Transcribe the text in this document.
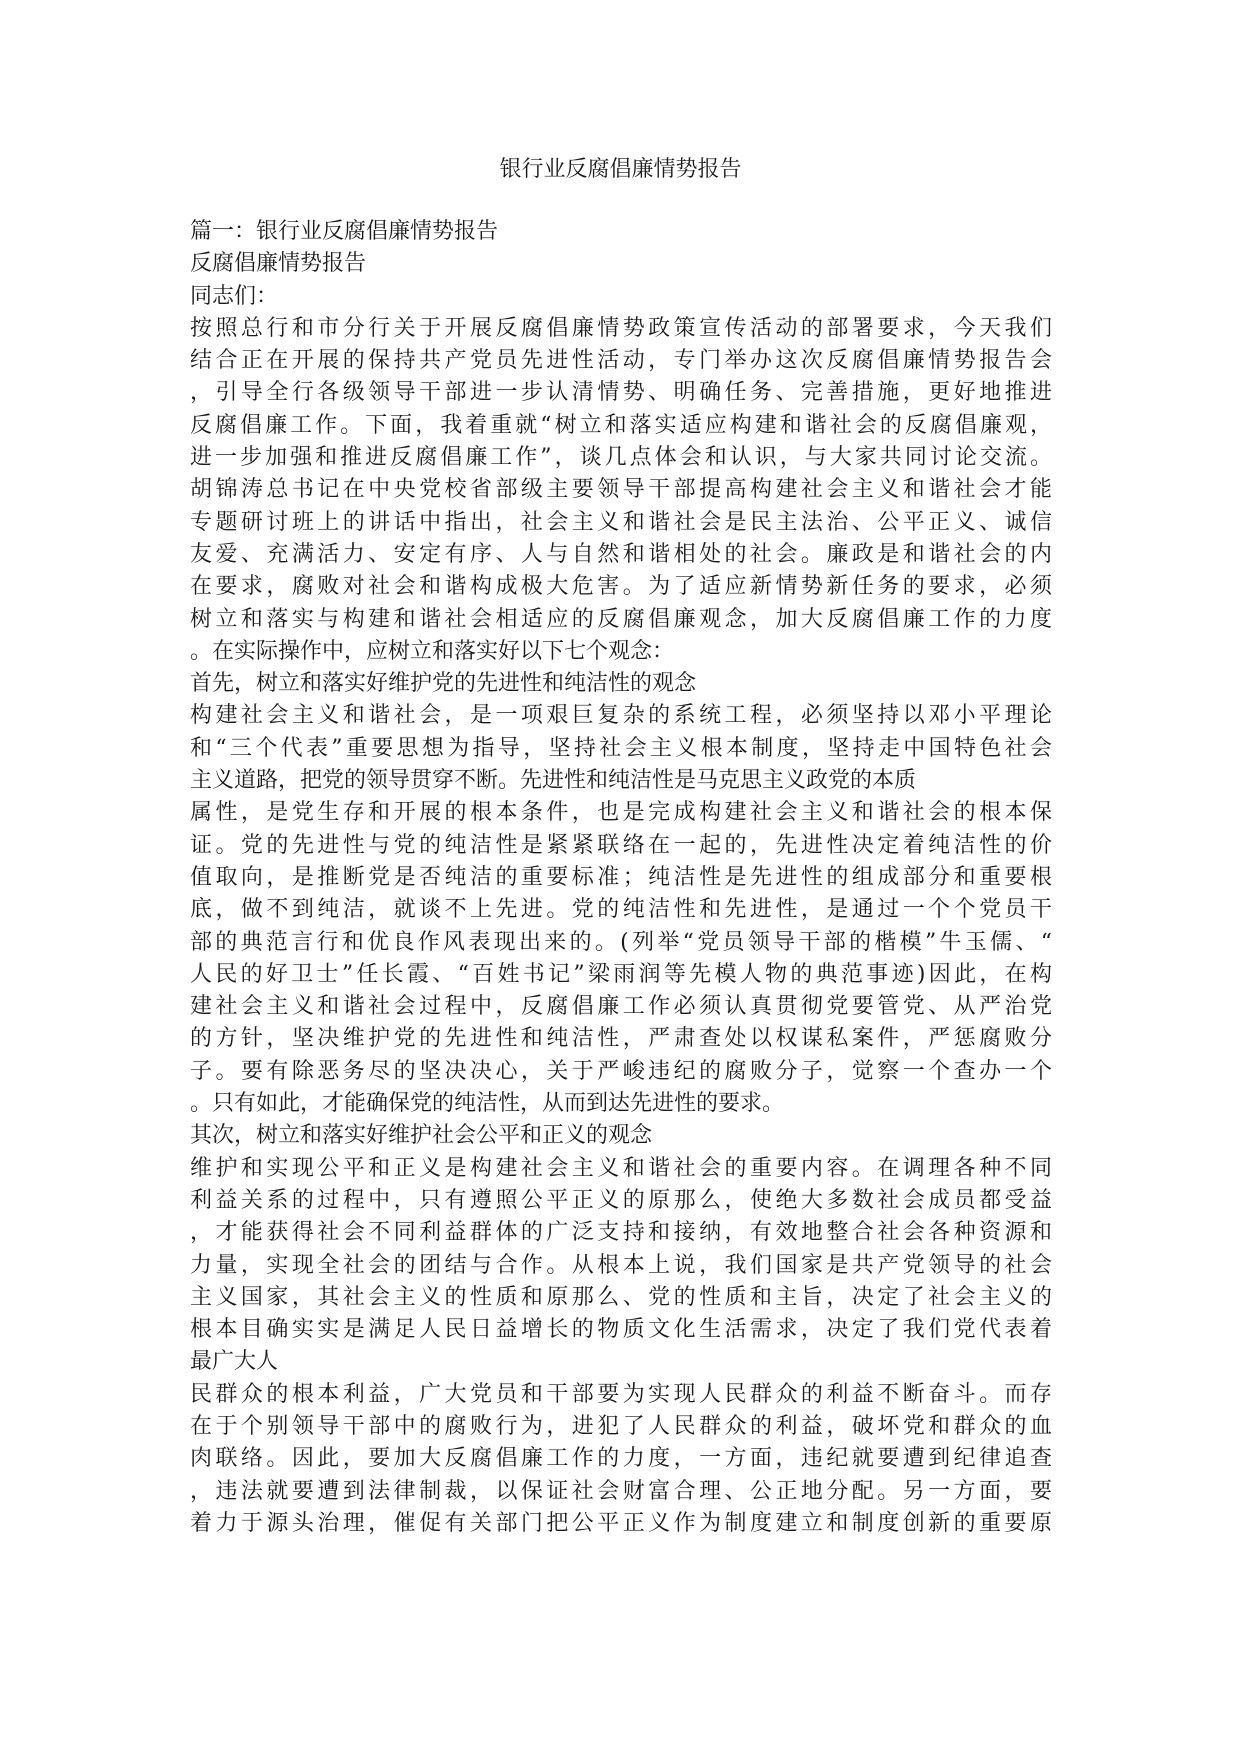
银行业反腐倡廉情势报告
篇一：银行业反腐倡廉情势报告
反腐倡廉情势报告
同志们：
按照总行和市分行关于开展反腐倡廉情势政策宣传活动的部署要求，今天我们
结合正在开展的保持共产党员先进性活动，专门举办这次反腐倡廉情势报告会
，引导全行各级领导干部进一步认清情势、明确任务、完善措施，更好地推进
反腐倡廉工作。下面，我着重就“树立和落实适应构建和谐社会的反腐倡廉观，
进一步加强和推进反腐倡廉工作”，谈几点体会和认识，与大家共同讨论交流。
胡锦涛总书记在中央党校省部级主要领导干部提高构建社会主义和谐社会才能
专题研讨班上的讲话中指出，社会主义和谐社会是民主法治、公平正义、诚信
友爱、充满活力、安定有序、人与自然和谐相处的社会。廉政是和谐社会的内
在要求，腐败对社会和谐构成极大危害。为了适应新情势新任务的要求，必须
树立和落实与构建和谐社会相适应的反腐倡廉观念，加大反腐倡廉工作的力度
。在实际操作中，应树立和落实好以下七个观念：
首先，树立和落实好维护党的先进性和纯洁性的观念
构建社会主义和谐社会，是一项艰巨复杂的系统工程，必须坚持以邓小平理论
和“三个代表”重要思想为指导，坚持社会主义根本制度，坚持走中国特色社会
主义道路，把党的领导贯穿不断。先进性和纯洁性是马克思主义政党的本质
属性，是党生存和开展的根本条件，也是完成构建社会主义和谐社会的根本保
证。党的先进性与党的纯洁性是紧紧联络在一起的，先进性决定着纯洁性的价
值取向，是推断党是否纯洁的重要标准；纯洁性是先进性的组成部分和重要根
底，做不到纯洁，就谈不上先进。党的纯洁性和先进性，是通过一个个党员干
部的典范言行和优良作风表现出来的。(列举“党员领导干部的楷模”牛玉儒、“
人民的好卫士”任长霞、“百姓书记”梁雨润等先模人物的典范事迹)因此，在构
建社会主义和谐社会过程中，反腐倡廉工作必须认真贯彻党要管党、从严治党
的方针，坚决维护党的先进性和纯洁性，严肃查处以权谋私案件，严惩腐败分
子。要有除恶务尽的坚决决心，关于严峻违纪的腐败分子，觉察一个查办一个
。只有如此，才能确保党的纯洁性，从而到达先进性的要求。
其次，树立和落实好维护社会公平和正义的观念
维护和实现公平和正义是构建社会主义和谐社会的重要内容。在调理各种不同
利益关系的过程中，只有遵照公平正义的原那么，使绝大多数社会成员都受益
，才能获得社会不同利益群体的广泛支持和接纳，有效地整合社会各种资源和
力量，实现全社会的团结与合作。从根本上说，我们国家是共产党领导的社会
主义国家，其社会主义的性质和原那么、党的性质和主旨，决定了社会主义的
根本目确实实是满足人民日益增长的物质文化生活需求，决定了我们党代表着
最广大人
民群众的根本利益，广大党员和干部要为实现人民群众的利益不断奋斗。而存
在于个别领导干部中的腐败行为，进犯了人民群众的利益，破坏党和群众的血
肉联络。因此，要加大反腐倡廉工作的力度，一方面，违纪就要遭到纪律追查
，违法就要遭到法律制裁，以保证社会财富合理、公正地分配。另一方面，要
着力于源头治理，催促有关部门把公平正义作为制度建立和制度创新的重要原
